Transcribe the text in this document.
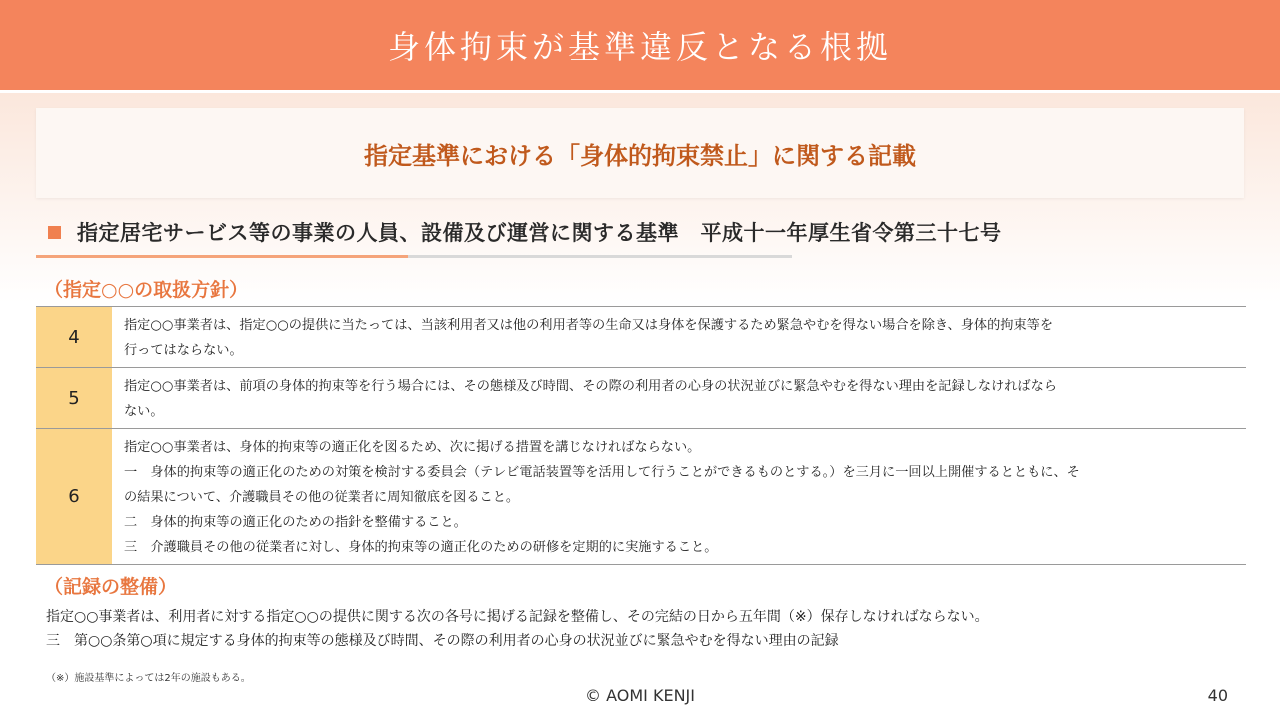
身体拘束が基準違反となる根拠
指定基準における「身体的拘束禁止」に関する記載
指定居宅サービス等の事業の人員、設備及び運営に関する基準　平成十一年厚生省令第三十七号
（指定○○の取扱方針）
4	指定○○事業者は、指定○○の提供に当たっては、当該利用者又は他の利用者等の生命又は身体を保護するため緊急やむを得ない場合を除き、身体的拘束等を
行ってはならない。

5	指定○○事業者は、前項の身体的拘束等を行う場合には、その態様及び時間、その際の利用者の心身の状況並びに緊急やむを得ない理由を記録しなければなら
ない。

6	指定○○事業者は、身体的拘束等の適正化を図るため、次に掲げる措置を講じなければならない。
一　身体的拘束等の適正化のための対策を検討する委員会（テレビ電話装置等を活用して行うことができるものとする。）を三月に一回以上開催するとともに、そ
の結果について、介護職員その他の従業者に周知徹底を図ること。
二　身体的拘束等の適正化のための指針を整備すること。
三　介護職員その他の従業者に対し、身体的拘束等の適正化のための研修を定期的に実施すること。
（記録の整備）
指定○○事業者は、利用者に対する指定○○の提供に関する次の各号に掲げる記録を整備し、その完結の日から五年間（※）保存しなければならない。
三　第○○条第○項に規定する身体的拘束等の態様及び時間、その際の利用者の心身の状況並びに緊急やむを得ない理由の記録
（※）施設基準によっては2年の施設もある。
© AOMI KENJI	40
